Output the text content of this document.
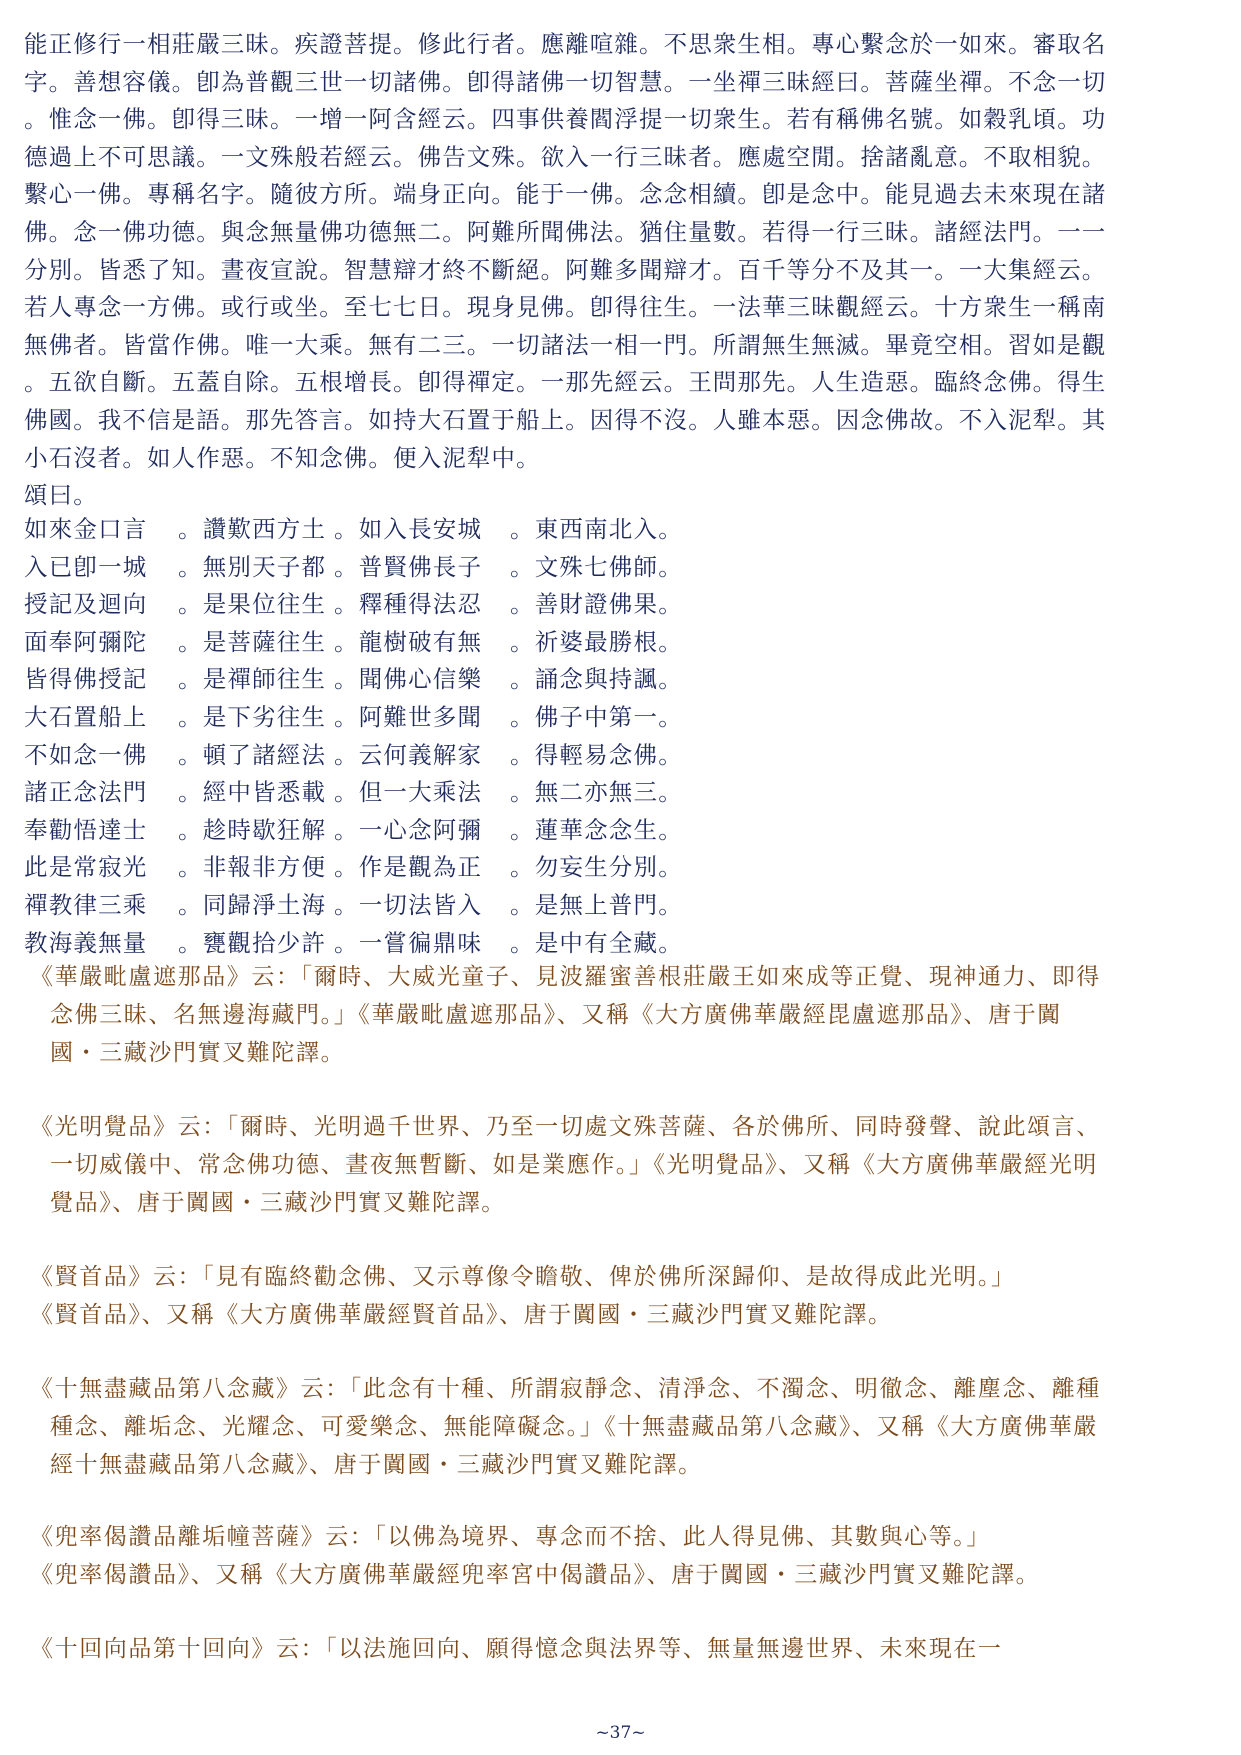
能正修行一相莊嚴三昧。疾證菩提。修此行者。應離喧雜。不思衆生相。專心繫念於一如來。審取名

字。善想容儀。卽為普觀三世一切諸佛。卽得諸佛一切智慧。一坐禪三昧經曰。菩薩坐禪。不念一切

。惟念一佛。卽得三昧。一增一阿含經云。四事供養閻浮提一切衆生。若有稱佛名號。如穀乳頃。功

德過上不可思議。一文殊般若經云。佛告文殊。欲入一行三昧者。應處空閒。捨諸亂意。不取相貌。

繫心一佛。專稱名字。隨彼方所。端身正向。能于一佛。念念相續。卽是念中。能見過去未來現在諸

佛。念一佛功德。與念無量佛功德無二。阿難所聞佛法。猶住量數。若得一行三昧。諸經法門。一一

分別。皆悉了知。晝夜宣說。智慧辯才終不斷絕。阿難多聞辯才。百千等分不及其一。一大集經云。

若人專念一方佛。或行或坐。至七七日。現身見佛。卽得往生。一法華三昧觀經云。十方衆生一稱南

無佛者。皆當作佛。唯一大乘。無有二三。一切諸法一相一門。所謂無生無滅。畢竟空相。習如是觀

。五欲自斷。五蓋自除。五根增長。卽得禪定。一那先經云。王問那先。人生造惡。臨終念佛。得生

佛國。我不信是語。那先答言。如持大石置于船上。因得不沒。人雖本惡。因念佛故。不入泥犁。其

小石沒者。如人作惡。不知念佛。便入泥犁中。

頌曰。

如來金口言	。讚歎西方土 。如入長安城	。東西南北入。
入已卽一城	。無別天子都 。普賢佛長子	。文殊七佛師。
授記及迴向	。是果位往生 。釋種得法忍	。善財證佛果。
面奉阿彌陀	。是菩薩往生 。龍樹破有無	。祈婆最勝根。
皆得佛授記	。是禪師往生 。聞佛心信樂	。誦念與持諷。
大石置船上	。是下劣往生 。阿難世多聞	。佛子中第一。
不如念一佛	。頓了諸經法 。云何義解家	。得輕易念佛。
諸正念法門	。經中皆悉載 。但一大乘法	。無二亦無三。
奉勸悟達士	。趁時歇狂解 。一心念阿彌	。蓮華念念生。
此是常寂光	。非報非方便 。作是觀為正	。勿妄生分別。
禪教律三乘	。同歸淨土海 。一切法皆入	。是無上普門。
教海義無量	。甕觀拾少許 。一嘗徧鼎味	。是中有全藏。

《華嚴毗盧遮那品》云：「爾時、大威光童子、見波羅蜜善根莊嚴王如來成等正覺、現神通力、即得

念佛三昧、名無邊海藏門。」《華嚴毗盧遮那品》、又稱《大方廣佛華嚴經毘盧遮那品》、唐于闐

國・三藏沙門實叉難陀譯。

《光明覺品》云：「爾時、光明過千世界、乃至一切處文殊菩薩、各於佛所、同時發聲、說此頌言、

一切威儀中、常念佛功德、晝夜無暫斷、如是業應作。」《光明覺品》、又稱《大方廣佛華嚴經光明

覺品》、唐于闐國・三藏沙門實叉難陀譯。

《賢首品》云：「見有臨終勸念佛、又示尊像令瞻敬、俾於佛所深歸仰、是故得成此光明。」

《賢首品》、又稱《大方廣佛華嚴經賢首品》、唐于闐國・三藏沙門實叉難陀譯。

《十無盡藏品第八念藏》云：「此念有十種、所謂寂靜念、清淨念、不濁念、明徹念、離塵念、離種

種念、離垢念、光耀念、可愛樂念、無能障礙念。」《十無盡藏品第八念藏》、又稱《大方廣佛華嚴

經十無盡藏品第八念藏》、唐于闐國・三藏沙門實叉難陀譯。

《兜率偈讚品離垢幢菩薩》云：「以佛為境界、專念而不捨、此人得見佛、其數與心等。」

《兜率偈讚品》、又稱《大方廣佛華嚴經兜率宮中偈讚品》、唐于闐國・三藏沙門實叉難陀譯。

《十回向品第十回向》云：「以法施回向、願得憶念與法界等、無量無邊世界、未來現在一

~37~
